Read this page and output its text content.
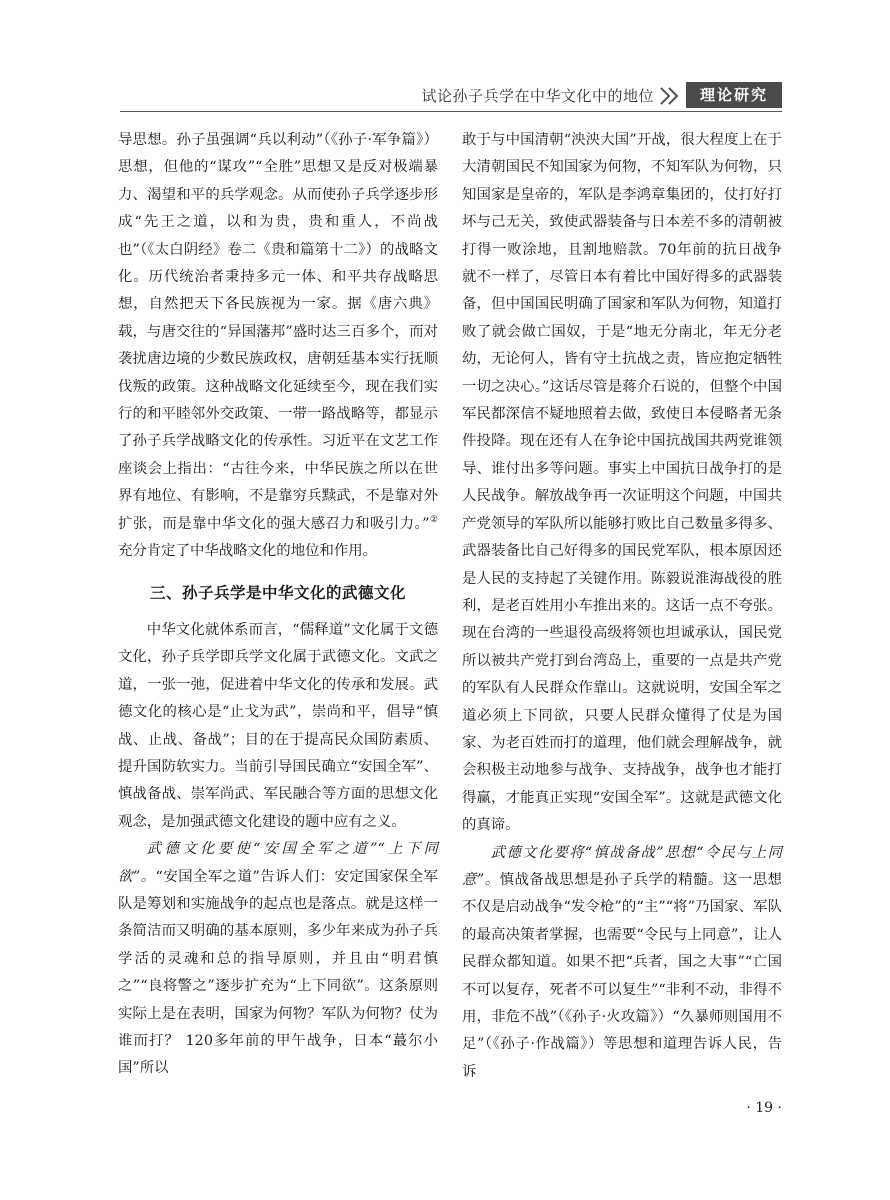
试论孙子兵学在中华文化中的地位	理论研究

导思想。孙子虽强调“兵以利动”（《孙子·军争篇》）思想，但他的“谋攻”“全胜”思想又是反对极端暴力、渴望和平的兵学观念。从而使孙子兵学逐步形成“先王之道，以和为贵，贵和重人，不尚战也”（《太白阴经》卷二《贵和篇第十二》）的战略文化。历代统治者秉持多元一体、和平共存战略思想，自然把天下各民族视为一家。据《唐六典》载，与唐交往的“异国藩邦”盛时达三百多个，而对袭扰唐边境的少数民族政权，唐朝廷基本实行抚顺伐叛的政策。这种战略文化延续至今，现在我们实行的和平睦邻外交政策、一带一路战略等，都显示了孙子兵学战略文化的传承性。习近平在文艺工作座谈会上指出：“古往今来，中华民族之所以在世界有地位、有影响，不是靠穷兵黩武，不是靠对外扩张，而是靠中华文化的强大感召力和吸引力。”②充分肯定了中华战略文化的地位和作用。

三、孙子兵学是中华文化的武德文化

中华文化就体系而言，“儒释道”文化属于文德文化，孙子兵学即兵学文化属于武德文化。文武之道，一张一弛，促进着中华文化的传承和发展。武德文化的核心是“止戈为武”，崇尚和平，倡导“慎战、止战、备战”；目的在于提高民众国防素质、提升国防软实力。当前引导国民确立“安国全军”、慎战备战、崇军尚武、军民融合等方面的思想文化观念，是加强武德文化建设的题中应有之义。

武德文化要使“安国全军之道”“上下同欲”。“安国全军之道”告诉人们：安定国家保全军队是筹划和实施战争的起点也是落点。就是这样一条简洁而又明确的基本原则，多少年来成为孙子兵学活的灵魂和总的指导原则，并且由“明君慎之”“良将警之”逐步扩充为“上下同欲”。这条原则实际上是在表明，国家为何物？军队为何物？仗为谁而打？ 120多年前的甲午战争，日本“蕞尔小国”所以

敢于与中国清朝“泱泱大国”开战，很大程度上在于大清朝国民不知国家为何物，不知军队为何物，只知国家是皇帝的，军队是李鸿章集团的，仗打好打坏与己无关，致使武器装备与日本差不多的清朝被打得一败涂地，且割地赔款。70年前的抗日战争就不一样了，尽管日本有着比中国好得多的武器装备，但中国国民明确了国家和军队为何物，知道打败了就会做亡国奴，于是“地无分南北，年无分老幼，无论何人，皆有守土抗战之责，皆应抱定牺牲一切之决心。”这话尽管是蒋介石说的，但整个中国军民都深信不疑地照着去做，致使日本侵略者无条件投降。现在还有人在争论中国抗战国共两党谁领导、谁付出多等问题。事实上中国抗日战争打的是人民战争。解放战争再一次证明这个问题，中国共产党领导的军队所以能够打败比自己数量多得多、武器装备比自己好得多的国民党军队，根本原因还是人民的支持起了关键作用。陈毅说淮海战役的胜利，是老百姓用小车推出来的。这话一点不夸张。现在台湾的一些退役高级将领也坦诚承认，国民党所以被共产党打到台湾岛上，重要的一点是共产党的军队有人民群众作靠山。这就说明，安国全军之道必须上下同欲，只要人民群众懂得了仗是为国家、为老百姓而打的道理，他们就会理解战争，就会积极主动地参与战争、支持战争，战争也才能打得赢，才能真正实现“安国全军”。这就是武德文化的真谛。

武德文化要将“慎战备战”思想“令民与上同意”。慎战备战思想是孙子兵学的精髓。这一思想不仅是启动战争“发令枪”的“主”“将”乃国家、军队的最高决策者掌握，也需要“令民与上同意”，让人民群众都知道。如果不把“兵者，国之大事”“亡国不可以复存，死者不可以复生”“非利不动，非得不用，非危不战”（《孙子·火攻篇》）“久暴师则国用不足”（《孙子·作战篇》）等思想和道理告诉人民，告诉

· 19 ·
